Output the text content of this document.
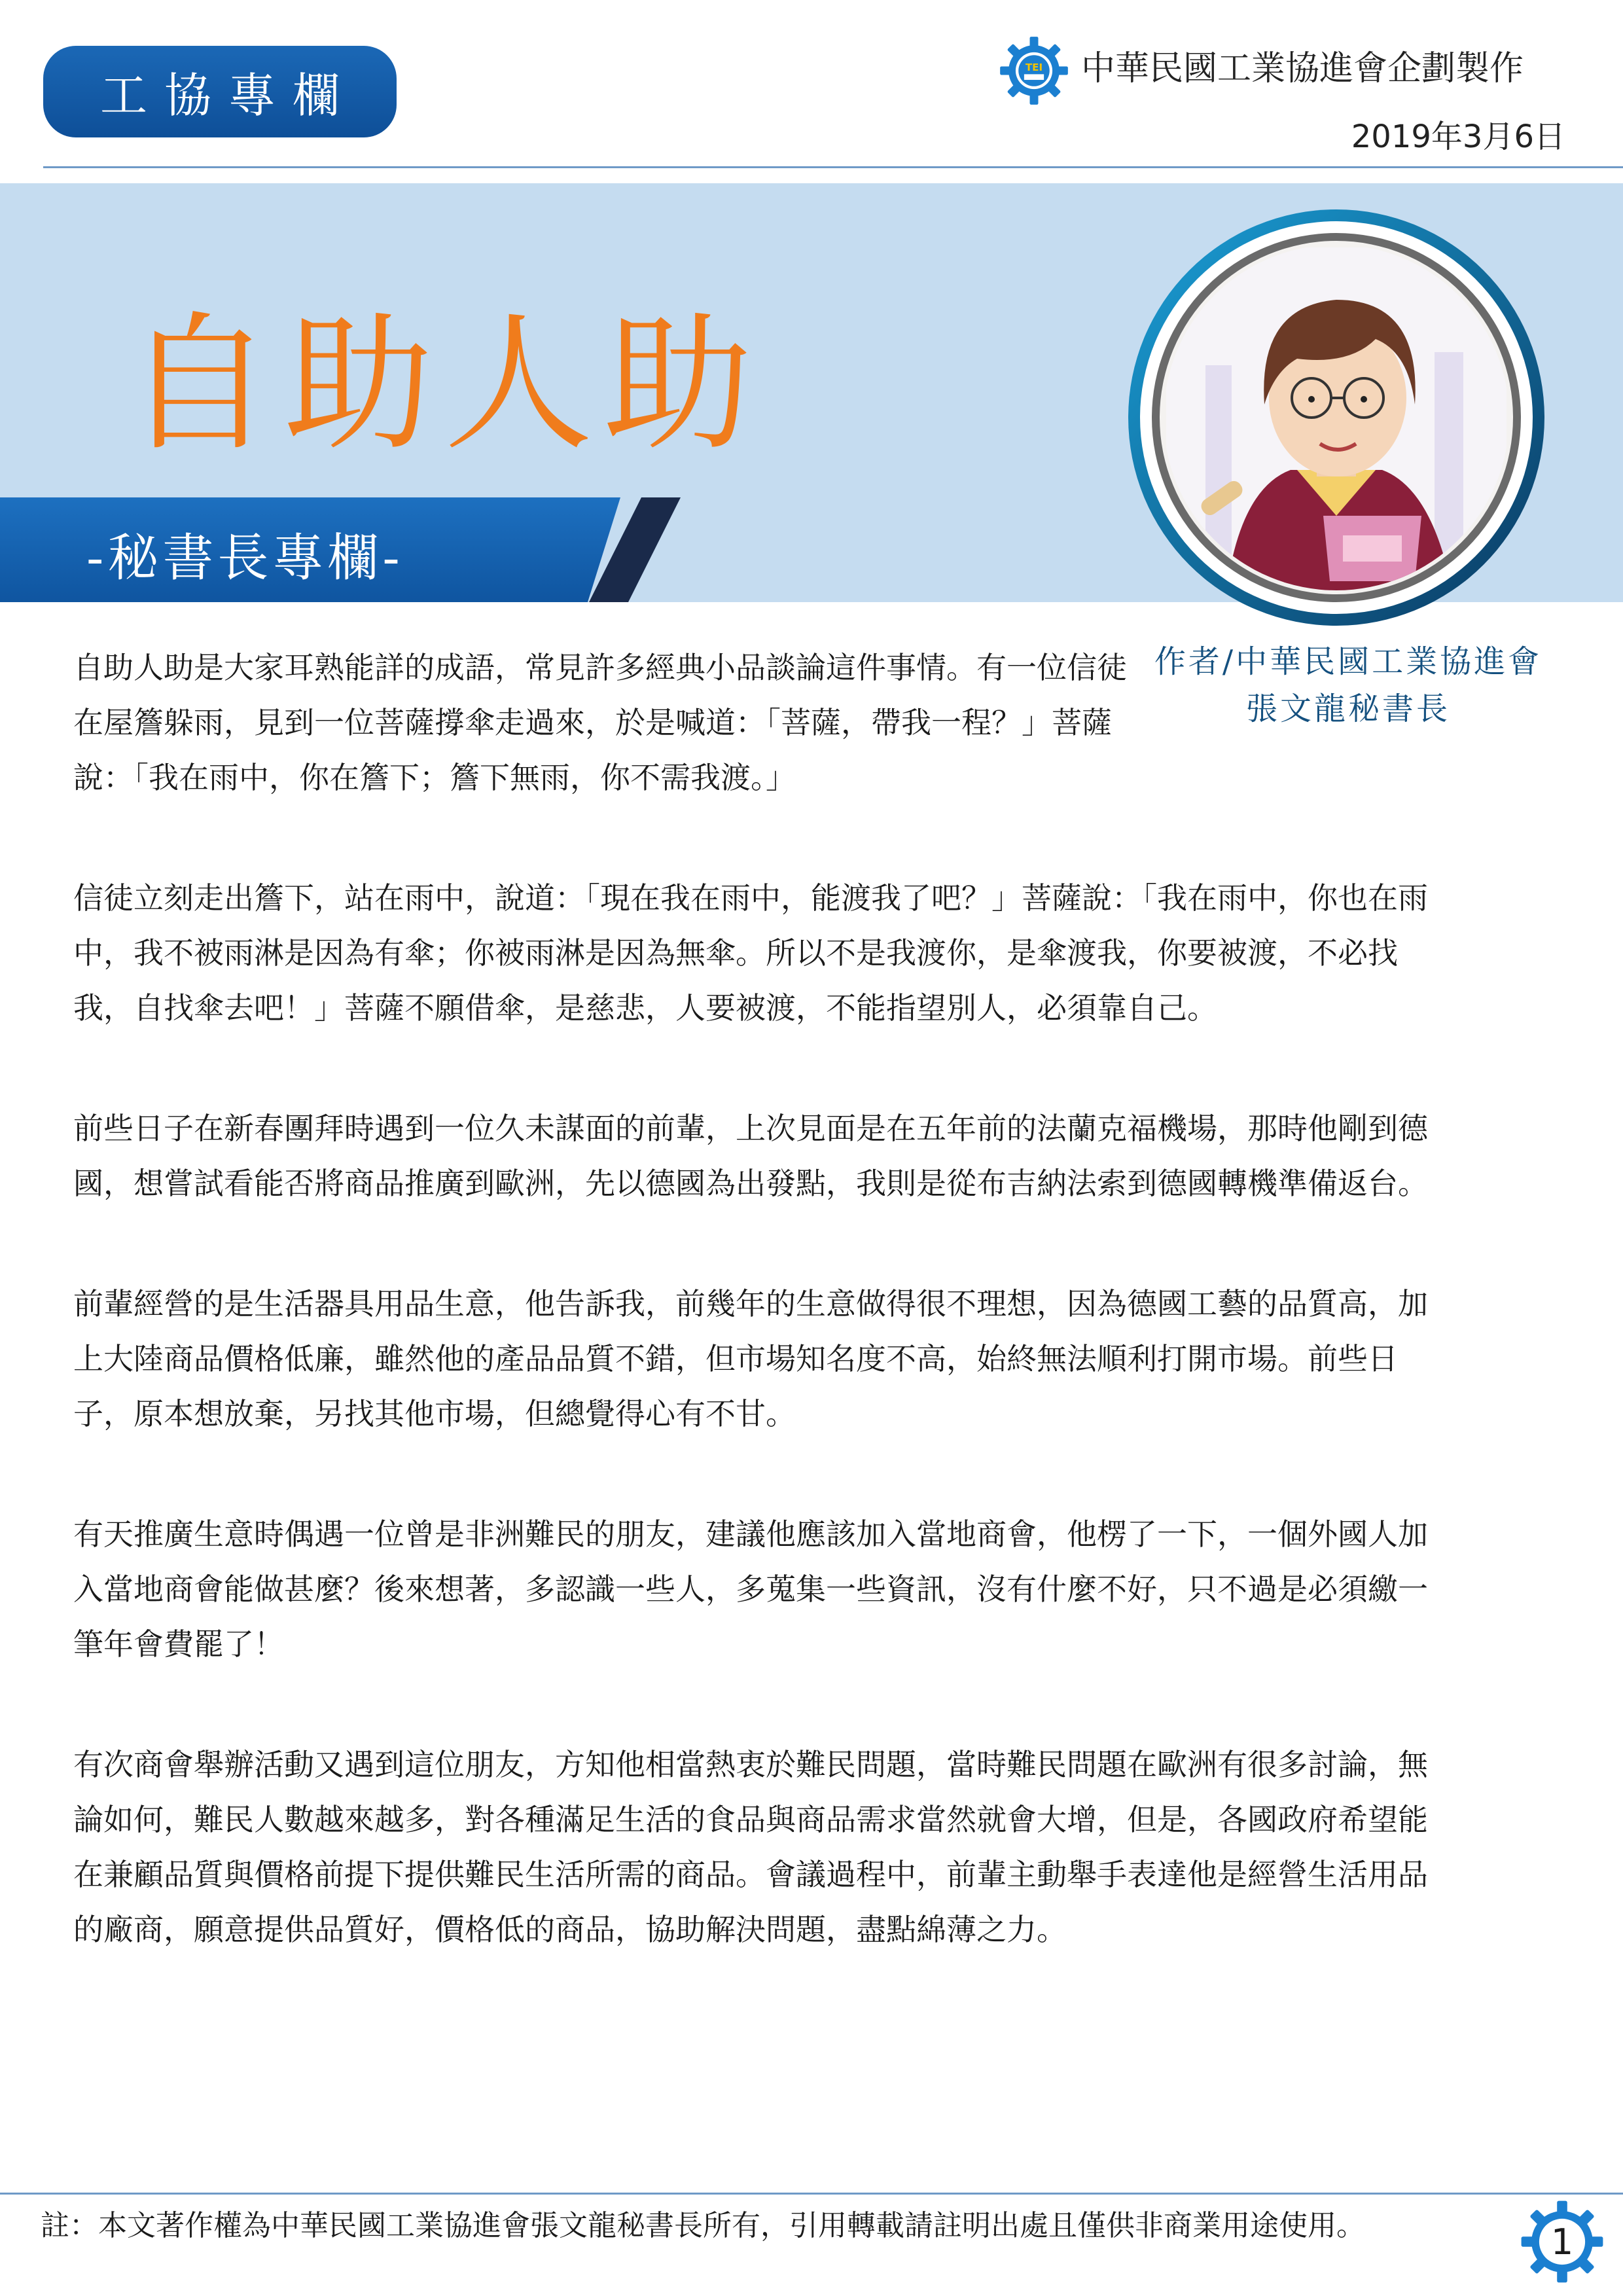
工協專欄
TEI 中華民國工業協進會企劃製作
2019年3月6日
自助人助
-秘書長專欄-
作者/中華民國工業協進會
張文龍秘書長

自助人助是大家耳熟能詳的成語，常見許多經典小品談論這件事情。有一位信徒在屋簷躲雨，見到一位菩薩撐傘走過來，於是喊道：「菩薩，帶我一程？」菩薩說：「我在雨中，你在簷下；簷下無雨，你不需我渡。」

信徒立刻走出簷下，站在雨中，說道：「現在我在雨中，能渡我了吧？」菩薩說：「我在雨中，你也在雨中，我不被雨淋是因為有傘；你被雨淋是因為無傘。所以不是我渡你，是傘渡我，你要被渡，不必找我，自找傘去吧！」菩薩不願借傘，是慈悲，人要被渡，不能指望別人，必須靠自己。

前些日子在新春團拜時遇到一位久未謀面的前輩，上次見面是在五年前的法蘭克福機場，那時他剛到德國，想嘗試看能否將商品推廣到歐洲，先以德國為出發點，我則是從布吉納法索到德國轉機準備返台。

前輩經營的是生活器具用品生意，他告訴我，前幾年的生意做得很不理想，因為德國工藝的品質高，加上大陸商品價格低廉，雖然他的產品品質不錯，但市場知名度不高，始終無法順利打開市場。前些日子，原本想放棄，另找其他市場，但總覺得心有不甘。

有天推廣生意時偶遇一位曾是非洲難民的朋友，建議他應該加入當地商會，他楞了一下，一個外國人加入當地商會能做甚麼？後來想著，多認識一些人，多蒐集一些資訊，沒有什麼不好，只不過是必須繳一筆年會費罷了！

有次商會舉辦活動又遇到這位朋友，方知他相當熱衷於難民問題，當時難民問題在歐洲有很多討論，無論如何，難民人數越來越多，對各種滿足生活的食品與商品需求當然就會大增，但是，各國政府希望能在兼顧品質與價格前提下提供難民生活所需的商品。會議過程中，前輩主動舉手表達他是經營生活用品的廠商，願意提供品質好，價格低的商品，協助解決問題，盡點綿薄之力。

註：本文著作權為中華民國工業協進會張文龍秘書長所有，引用轉載請註明出處且僅供非商業用途使用。	1
